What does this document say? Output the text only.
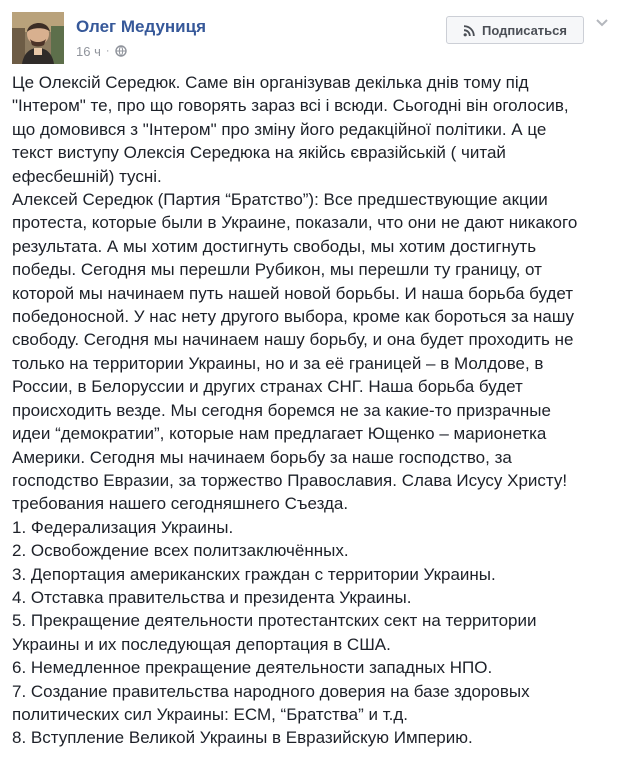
Олег Медуниця
16 ч ·
Подписаться
Це Олексій Середюк. Саме він організував декілька днів тому під
"Інтером" те, про що говорять зараз всі і всюди. Сьогодні він оголосив,
що домовився з "Інтером" про зміну його редакційної політики. А це
текст виступу Олексія Середюка на якійсь євразійській ( читай
ефесбешній) тусні.
Алексей Середюк (Партия “Братство”): Все предшествующие акции
протеста, которые были в Украине, показали, что они не дают никакого
результата. А мы хотим достигнуть свободы, мы хотим достигнуть
победы. Сегодня мы перешли Рубикон, мы перешли ту границу, от
которой мы начинаем путь нашей новой борьбы. И наша борьба будет
победоносной. У нас нету другого выбора, кроме как бороться за нашу
свободу. Сегодня мы начинаем нашу борьбу, и она будет проходить не
только на территории Украины, но и за её границей – в Молдове, в
России, в Белоруссии и других странах СНГ. Наша борьба будет
происходить везде. Мы сегодня боремся не за какие-то призрачные
идеи “демократии”, которые нам предлагает Ющенко – марионетка
Америки. Сегодня мы начинаем борьбу за наше господство, за
господство Евразии, за торжество Православия. Слава Исусу Христу!
требования нашего сегодняшнего Съезда.
1. Федерализация Украины.
2. Освобождение всех политзаключённых.
3. Депортация американских граждан с территории Украины.
4. Отставка правительства и президента Украины.
5. Прекращение деятельности протестантских сект на территории
Украины и их последующая депортация в США.
6. Немедленное прекращение деятельности западных НПО.
7. Создание правительства народного доверия на базе здоровых
политических сил Украины: ЕСМ, “Братства” и т.д.
8. Вступление Великой Украины в Евразийскую Империю.
